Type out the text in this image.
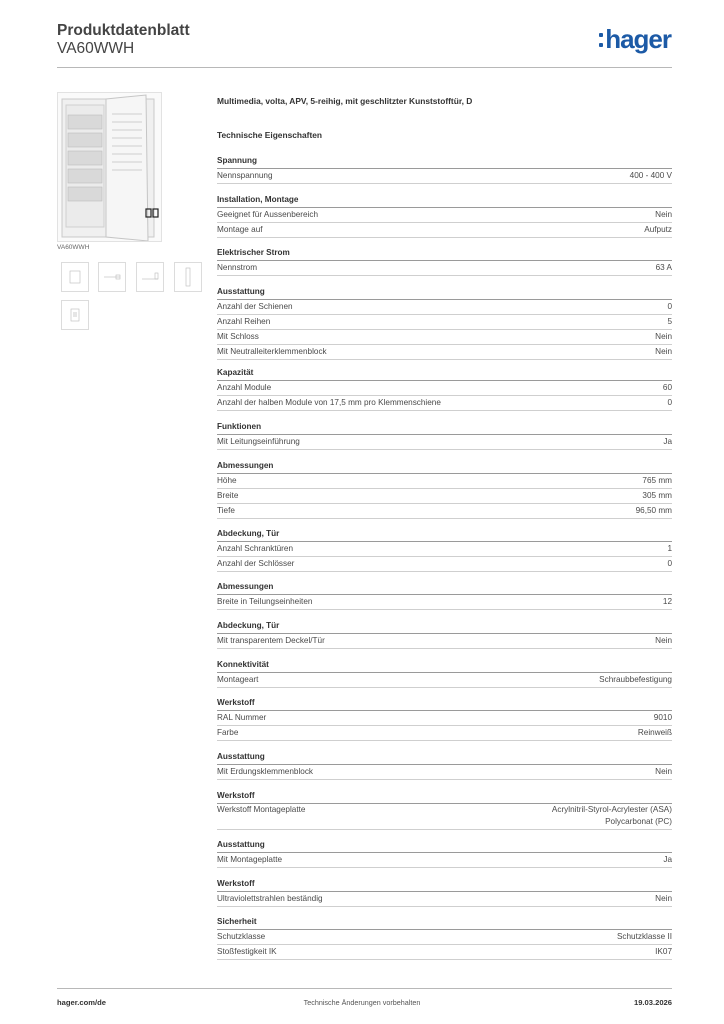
Produktdatenblatt
VA60WWH	hager
VA60WWH
Multimedia, volta, APV, 5-reihig, mit geschlitzter Kunststofftür, D
Technische Eigenschaften
Spannung
Nennspannung	400 - 400 V
Installation, Montage
Geeignet für Aussenbereich	Nein
Montage auf	Aufputz
Elektrischer Strom
Nennstrom	63 A
Ausstattung
Anzahl der Schienen	0
Anzahl Reihen	5
Mit Schloss	Nein
Mit Neutralleiterklemmenblock	Nein
Kapazität
Anzahl Module	60
Anzahl der halben Module von 17,5 mm pro Klemmenschiene	0
Funktionen
Mit Leitungseinführung	Ja
Abmessungen
Höhe	765 mm
Breite	305 mm
Tiefe	96,50 mm
Abdeckung, Tür
Anzahl Schranktüren	1
Anzahl der Schlösser	0
Abmessungen
Breite in Teilungseinheiten	12
Abdeckung, Tür
Mit transparentem Deckel/Tür	Nein
Konnektivität
Montageart	Schraubbefestigung
Werkstoff
RAL Nummer	9010
Farbe	Reinweiß
Ausstattung
Mit Erdungsklemmenblock	Nein
Werkstoff
Werkstoff Montageplatte	Acrylnitril-Styrol-Acrylester (ASA)
Polycarbonat (PC)
Ausstattung
Mit Montageplatte	Ja
Werkstoff
Ultraviolettstrahlen beständig	Nein
Sicherheit
Schutzklasse	Schutzklasse II
Stoßfestigkeit IK	IK07
Technische Änderungen vorbehalten
hager.com/de	19.03.2026
